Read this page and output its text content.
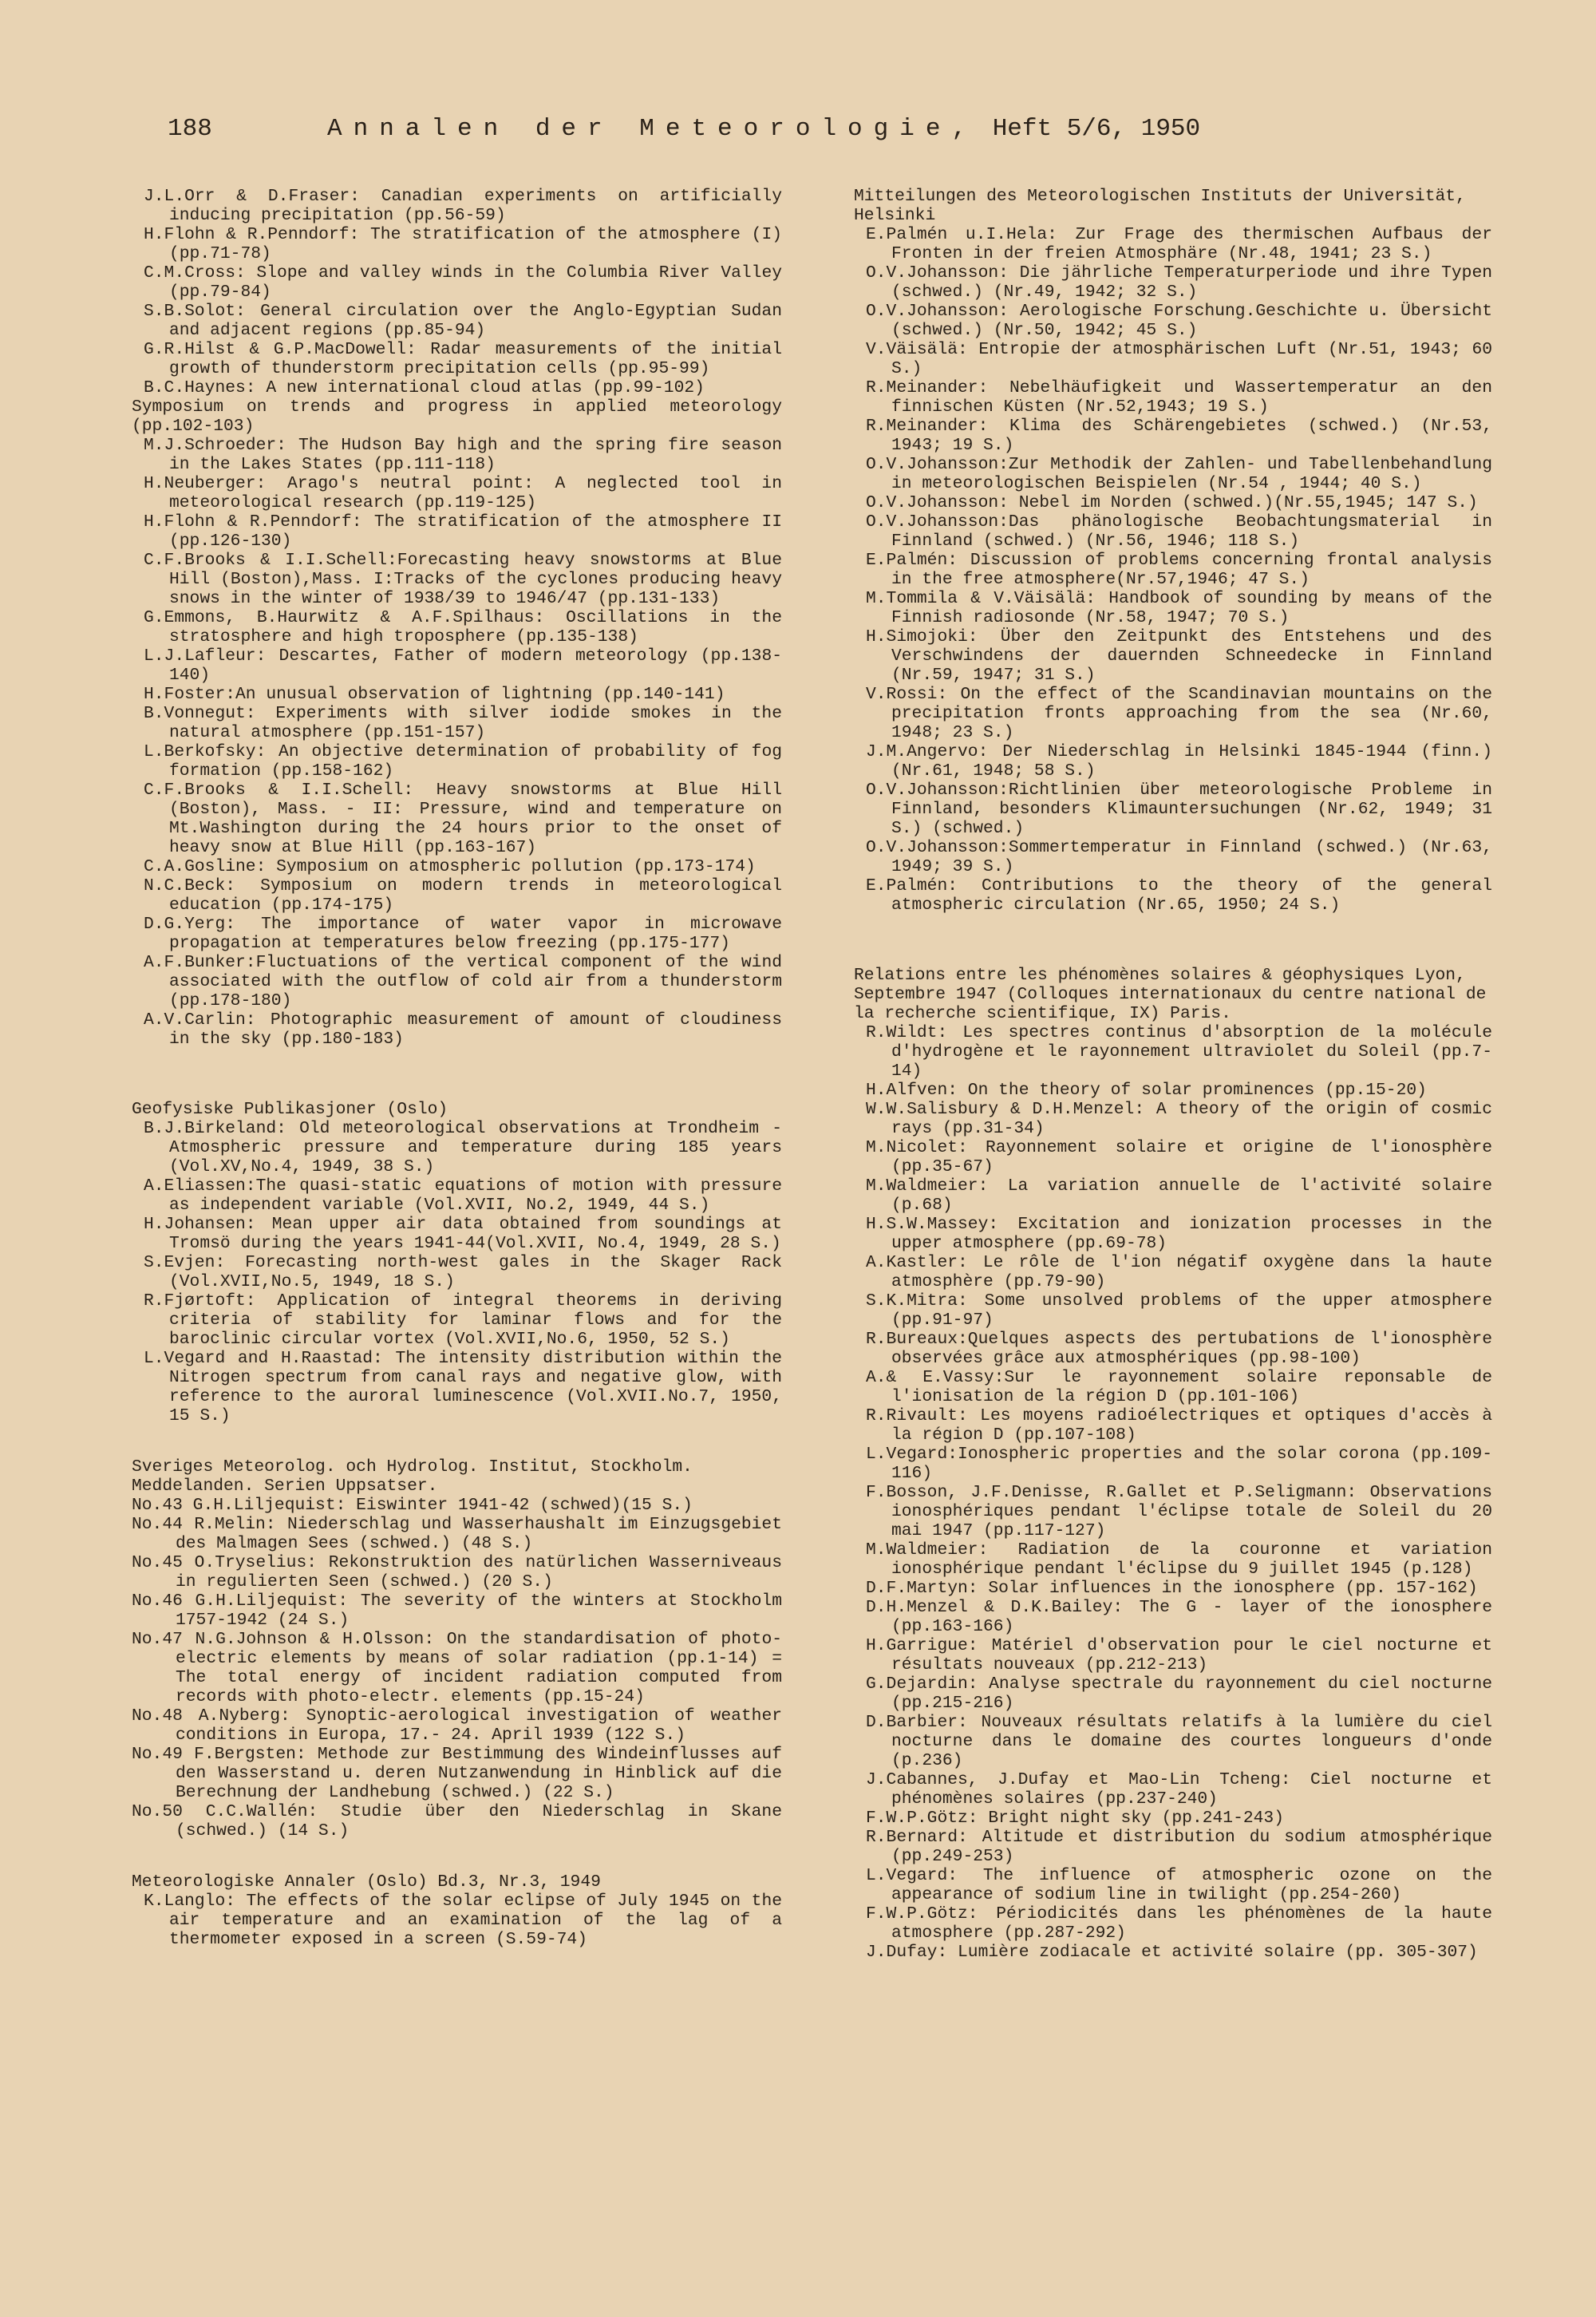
188	Annalen der Meteorologie, Heft 5/6, 1950
J.L.Orr & D.Fraser: Canadian experiments on artificially inducing precipitation (pp.56-59)
H.Flohn & R.Penndorf: The stratification of the atmosphere (I) (pp.71-78)
C.M.Cross: Slope and valley winds in the Columbia River Valley (pp.79-84)
S.B.Solot: General circulation over the Anglo-Egyptian Sudan and adjacent regions (pp.85-94)
G.R.Hilst & G.P.MacDowell: Radar measurements of the initial growth of thunderstorm precipitation cells (pp.95-99)
B.C.Haynes: A new international cloud atlas (pp.99-102)
Symposium on trends and progress in applied meteorology (pp.102-103)
M.J.Schroeder: The Hudson Bay high and the spring fire season in the Lakes States (pp.111-118)
H.Neuberger: Arago's neutral point: A neglected tool in meteorological research (pp.119-125)
H.Flohn & R.Penndorf: The stratification of the atmosphere II (pp.126-130)
C.F.Brooks & I.I.Schell:Forecasting heavy snowstorms at Blue Hill (Boston),Mass. I:Tracks of the cyclones producing heavy snows in the winter of 1938/39 to 1946/47 (pp.131-133)
G.Emmons, B.Haurwitz & A.F.Spilhaus: Oscillations in the stratosphere and high troposphere (pp.135-138)
L.J.Lafleur: Descartes, Father of modern meteorology (pp.138-140)
H.Foster:An unusual observation of lightning (pp.140-141)
B.Vonnegut: Experiments with silver iodide smokes in the natural atmosphere (pp.151-157)
L.Berkofsky: An objective determination of probability of fog formation (pp.158-162)
C.F.Brooks & I.I.Schell: Heavy snowstorms at Blue Hill (Boston), Mass. - II: Pressure, wind and temperature on Mt.Washington during the 24 hours prior to the onset of heavy snow at Blue Hill (pp.163-167)
C.A.Gosline: Symposium on atmospheric pollution (pp.173-174)
N.C.Beck: Symposium on modern trends in meteorological education (pp.174-175)
D.G.Yerg: The importance of water vapor in microwave propagation at temperatures below freezing (pp.175-177)
A.F.Bunker:Fluctuations of the vertical component of the wind associated with the outflow of cold air from a thunderstorm (pp.178-180)
A.V.Carlin: Photographic measurement of amount of cloudiness in the sky (pp.180-183)
Geofysiske Publikasjoner (Oslo)
B.J.Birkeland: Old meteorological observations at Trondheim - Atmospheric pressure and temperature during 185 years (Vol.XV,No.4, 1949, 38 S.)
A.Eliassen:The quasi-static equations of motion with pressure as independent variable (Vol.XVII, No.2, 1949, 44 S.)
H.Johansen: Mean upper air data obtained from soundings at Tromsö during the years 1941-44(Vol.XVII, No.4, 1949, 28 S.)
S.Evjen: Forecasting north-west gales in the Skager Rack (Vol.XVII,No.5, 1949, 18 S.)
R.Fjørtoft: Application of integral theorems in deriving criteria of stability for laminar flows and for the baroclinic circular vortex (Vol.XVII,No.6, 1950, 52 S.)
L.Vegard and H.Raastad: The intensity distribution within the Nitrogen spectrum from canal rays and negative glow, with reference to the auroral luminescence (Vol.XVII.No.7, 1950, 15 S.)
Sveriges Meteorolog. och Hydrolog. Institut, Stockholm.
Meddelanden. Serien Uppsatser.
No.43 G.H.Liljequist: Eiswinter 1941-42 (schwed)(15 S.)
No.44 R.Melin: Niederschlag und Wasserhaushalt im Einzugsgebiet des Malmagen Sees (schwed.) (48 S.)
No.45 O.Tryselius: Rekonstruktion des natürlichen Wasserniveaus in regulierten Seen (schwed.) (20 S.)
No.46 G.H.Liljequist: The severity of the winters at Stockholm 1757-1942 (24 S.)
No.47 N.G.Johnson & H.Olsson: On the standardisation of photo-electric elements by means of solar radiation (pp.1-14) = The total energy of incident radiation computed from records with photo-electr. elements (pp.15-24)
No.48 A.Nyberg: Synoptic-aerological investigation of weather conditions in Europa, 17.- 24. April 1939 (122 S.)
No.49 F.Bergsten: Methode zur Bestimmung des Windeinflusses auf den Wasserstand u. deren Nutzanwendung in Hinblick auf die Berechnung der Landhebung (schwed.) (22 S.)
No.50 C.C.Wallén: Studie über den Niederschlag in Skane (schwed.) (14 S.)
Meteorologiske Annaler (Oslo) Bd.3, Nr.3, 1949
K.Langlo: The effects of the solar eclipse of July 1945 on the air temperature and an examination of the lag of a thermometer exposed in a screen (S.59-74)
Mitteilungen des Meteorologischen Instituts der Universität, Helsinki
E.Palmén u.I.Hela: Zur Frage des thermischen Aufbaus der Fronten in der freien Atmosphäre (Nr.48, 1941; 23 S.)
O.V.Johansson: Die jährliche Temperaturperiode und ihre Typen (schwed.) (Nr.49, 1942; 32 S.)
O.V.Johansson: Aerologische Forschung.Geschichte u. Übersicht (schwed.) (Nr.50, 1942; 45 S.)
V.Väisälä: Entropie der atmosphärischen Luft (Nr.51, 1943; 60 S.)
R.Meinander: Nebelhäufigkeit und Wassertemperatur an den finnischen Küsten (Nr.52,1943; 19 S.)
R.Meinander: Klima des Schärengebietes (schwed.) (Nr.53, 1943; 19 S.)
O.V.Johansson:Zur Methodik der Zahlen- und Tabellenbehandlung in meteorologischen Beispielen (Nr.54 , 1944; 40 S.)
O.V.Johansson: Nebel im Norden (schwed.)(Nr.55,1945; 147 S.)
O.V.Johansson:Das phänologische Beobachtungsmaterial in Finnland (schwed.) (Nr.56, 1946; 118 S.)
E.Palmén: Discussion of problems concerning frontal analysis in the free atmosphere(Nr.57,1946; 47 S.)
M.Tommila & V.Väisälä: Handbook of sounding by means of the Finnish radiosonde (Nr.58, 1947; 70 S.)
H.Simojoki: Über den Zeitpunkt des Entstehens und des Verschwindens der dauernden Schneedecke in Finnland (Nr.59, 1947; 31 S.)
V.Rossi: On the effect of the Scandinavian mountains on the precipitation fronts approaching from the sea (Nr.60, 1948; 23 S.)
J.M.Angervo: Der Niederschlag in Helsinki 1845-1944 (finn.) (Nr.61, 1948; 58 S.)
O.V.Johansson:Richtlinien über meteorologische Probleme in Finnland, besonders Klimauntersuchungen (Nr.62, 1949; 31 S.) (schwed.)
O.V.Johansson:Sommertemperatur in Finnland (schwed.) (Nr.63, 1949; 39 S.)
E.Palmén: Contributions to the theory of the general atmospheric circulation (Nr.65, 1950; 24 S.)
Relations entre les phénomènes solaires & géophysiques Lyon, Septembre 1947 (Colloques internationaux du centre national de la recherche scientifique, IX) Paris.
R.Wildt: Les spectres continus d'absorption de la molécule d'hydrogène et le rayonnement ultraviolet du Soleil (pp.7-14)
H.Alfven: On the theory of solar prominences (pp.15-20)
W.W.Salisbury & D.H.Menzel: A theory of the origin of cosmic rays (pp.31-34)
M.Nicolet: Rayonnement solaire et origine de l'ionosphère (pp.35-67)
M.Waldmeier: La variation annuelle de l'activité solaire (p.68)
H.S.W.Massey: Excitation and ionization processes in the upper atmosphere (pp.69-78)
A.Kastler: Le rôle de l'ion négatif oxygène dans la haute atmosphère (pp.79-90)
S.K.Mitra: Some unsolved problems of the upper atmosphere (pp.91-97)
R.Bureaux:Quelques aspects des pertubations de l'ionosphère observées grâce aux atmosphériques (pp.98-100)
A.& E.Vassy:Sur le rayonnement solaire reponsable de l'ionisation de la région D (pp.101-106)
R.Rivault: Les moyens radioélectriques et optiques d'accès à la région D (pp.107-108)
L.Vegard:Ionospheric properties and the solar corona (pp.109-116)
F.Bosson, J.F.Denisse, R.Gallet et P.Seligmann: Observations ionosphériques pendant l'éclipse totale de Soleil du 20 mai 1947 (pp.117-127)
M.Waldmeier: Radiation de la couronne et variation ionosphérique pendant l'éclipse du 9 juillet 1945 (p.128)
D.F.Martyn: Solar influences in the ionosphere (pp. 157-162)
D.H.Menzel & D.K.Bailey: The G - layer of the ionosphere (pp.163-166)
H.Garrigue: Matériel d'observation pour le ciel nocturne et résultats nouveaux (pp.212-213)
G.Dejardin: Analyse spectrale du rayonnement du ciel nocturne (pp.215-216)
D.Barbier: Nouveaux résultats relatifs à la lumière du ciel nocturne dans le domaine des courtes longueurs d'onde (p.236)
J.Cabannes, J.Dufay et Mao-Lin Tcheng: Ciel nocturne et phénomènes solaires (pp.237-240)
F.W.P.Götz: Bright night sky (pp.241-243)
R.Bernard: Altitude et distribution du sodium atmosphérique (pp.249-253)
L.Vegard: The influence of atmospheric ozone on the appearance of sodium line in twilight (pp.254-260)
F.W.P.Götz: Périodicités dans les phénomènes de la haute atmosphere (pp.287-292)
J.Dufay: Lumière zodiacale et activité solaire (pp. 305-307)
